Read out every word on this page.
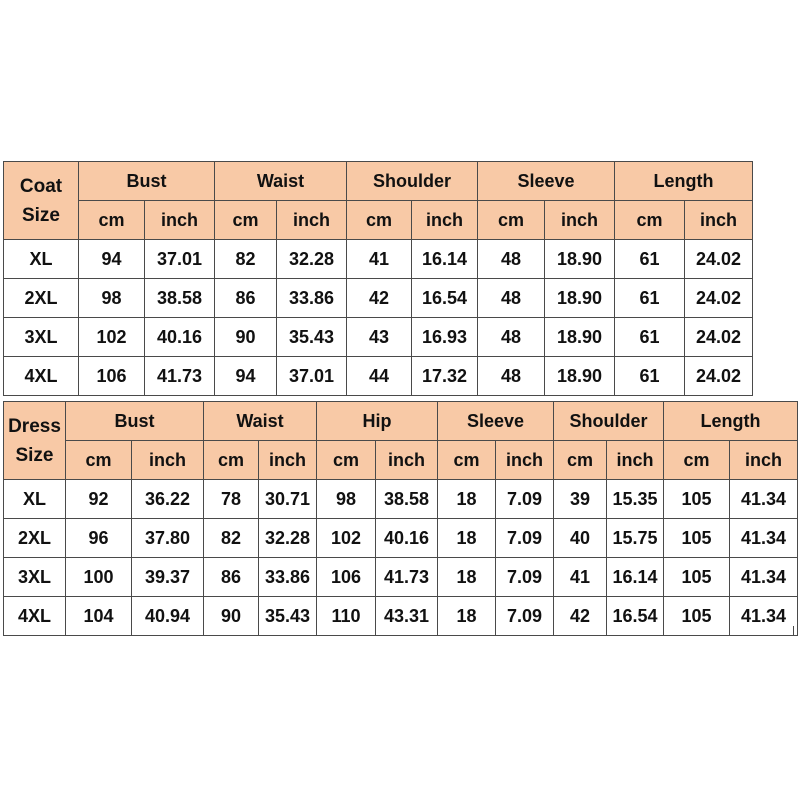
Coat
Size	Bust		Waist		Shoulder		Sleeve		Length	
	cm	inch	cm	inch	cm	inch	cm	inch	cm	inch
XL	94	37.01	82	32.28	41	16.14	48	18.90	61	24.02
2XL	98	38.58	86	33.86	42	16.54	48	18.90	61	24.02
3XL	102	40.16	90	35.43	43	16.93	48	18.90	61	24.02
4XL	106	41.73	94	37.01	44	17.32	48	18.90	61	24.02
Dress
Size	Bust		Waist		Hip		Sleeve		Shoulder		Length	
	cm	inch	cm	inch	cm	inch	cm	inch	cm	inch	cm	inch
XL	92	36.22	78	30.71	98	38.58	18	7.09	39	15.35	105	41.34
2XL	96	37.80	82	32.28	102	40.16	18	7.09	40	15.75	105	41.34
3XL	100	39.37	86	33.86	106	41.73	18	7.09	41	16.14	105	41.34
4XL	104	40.94	90	35.43	110	43.31	18	7.09	42	16.54	105	41.34
